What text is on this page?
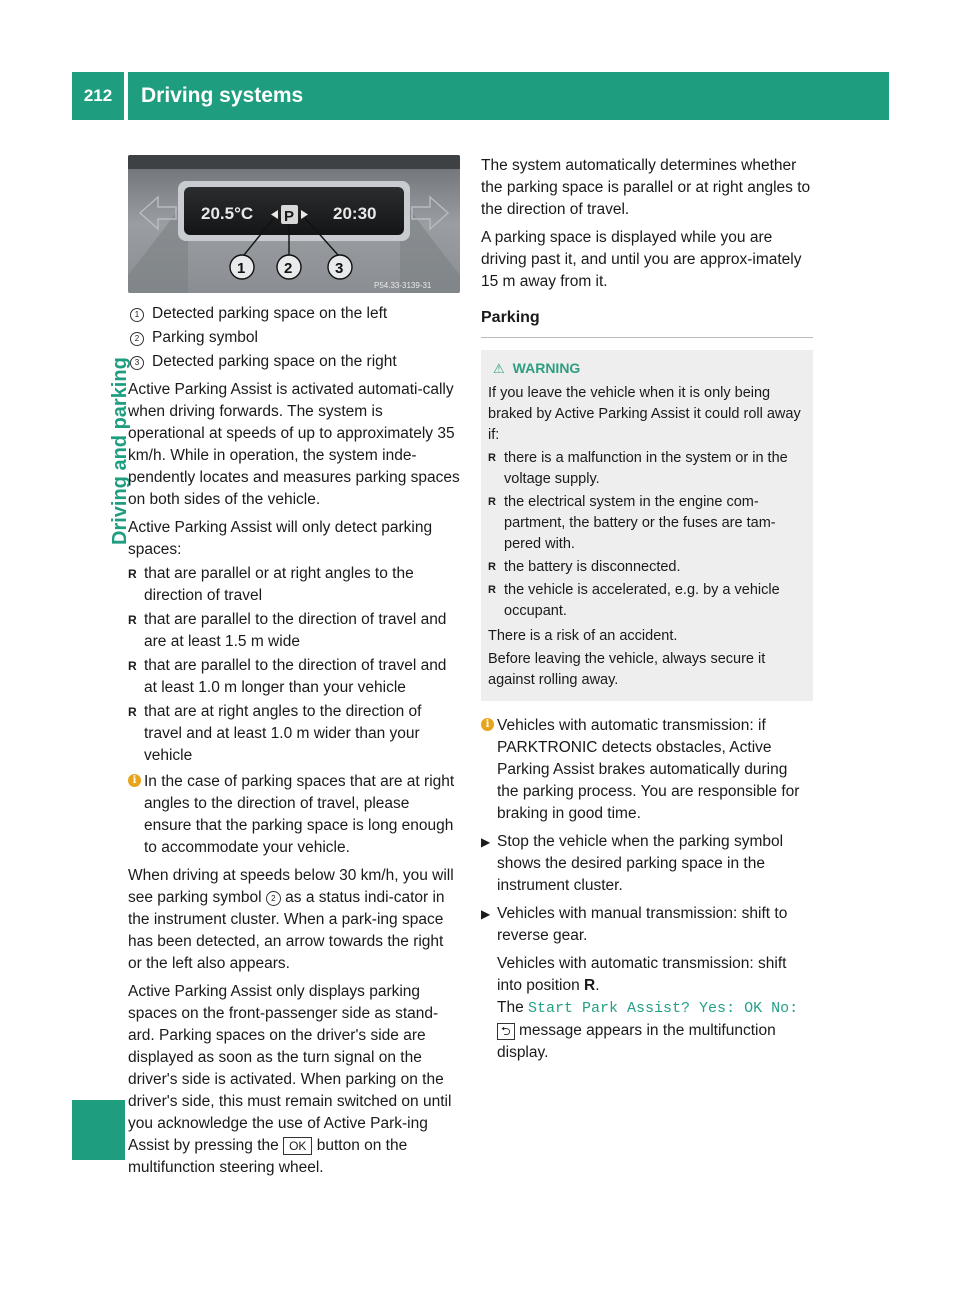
212	Driving systems
Driving and parking
20.5°C P 20:30
1	2	3
P54.33-3139-31
1 Detected parking space on the left
2 Parking symbol
3 Detected parking space on the right

Active Parking Assist is activated automati-cally when driving forwards. The system is operational at speeds of up to approximately 35 km/h. While in operation, the system inde-pendently locates and measures parking spaces on both sides of the vehicle.

Active Parking Assist will only detect parking spaces:

R that are parallel or at right angles to the direction of travel
R that are parallel to the direction of travel and are at least 1.5 m wide
R that are parallel to the direction of travel and at least 1.0 m longer than your vehicle
R that are at right angles to the direction of travel and at least 1.0 m wider than your vehicle
i In the case of parking spaces that are at right angles to the direction of travel, please ensure that the parking space is long enough to accommodate your vehicle.

When driving at speeds below 30 km/h, you will see parking symbol 2 as a status indi-cator in the instrument cluster. When a park-ing space has been detected, an arrow towards the right or the left also appears.

Active Parking Assist only displays parking spaces on the front-passenger side as stand-ard. Parking spaces on the driver's side are displayed as soon as the turn signal on the driver's side is activated. When parking on the driver's side, this must remain switched on until you acknowledge the use of Active Park-ing Assist by pressing the OK button on the multifunction steering wheel.

The system automatically determines whether the parking space is parallel or at right angles to the direction of travel.

A parking space is displayed while you are driving past it, and until you are approx-imately 15 m away from it.

Parking
⚠ WARNING

If you leave the vehicle when it is only being braked by Active Parking Assist it could roll away if:

R there is a malfunction in the system or in the voltage supply.
R the electrical system in the engine com-partment, the battery or the fuses are tam-pered with.
R the battery is disconnected.
R the vehicle is accelerated, e.g. by a vehicle occupant.

There is a risk of an accident.

Before leaving the vehicle, always secure it against rolling away.

i Vehicles with automatic transmission: if PARKTRONIC detects obstacles, Active Parking Assist brakes automatically during the parking process. You are responsible for braking in good time.
▶ Stop the vehicle when the parking symbol shows the desired parking space in the instrument cluster.
▶ Vehicles with manual transmission: shift to reverse gear.

Vehicles with automatic transmission: shift into position R.

The Start Park Assist? Yes: OK No:
⮌ message appears in the multifunction display.
